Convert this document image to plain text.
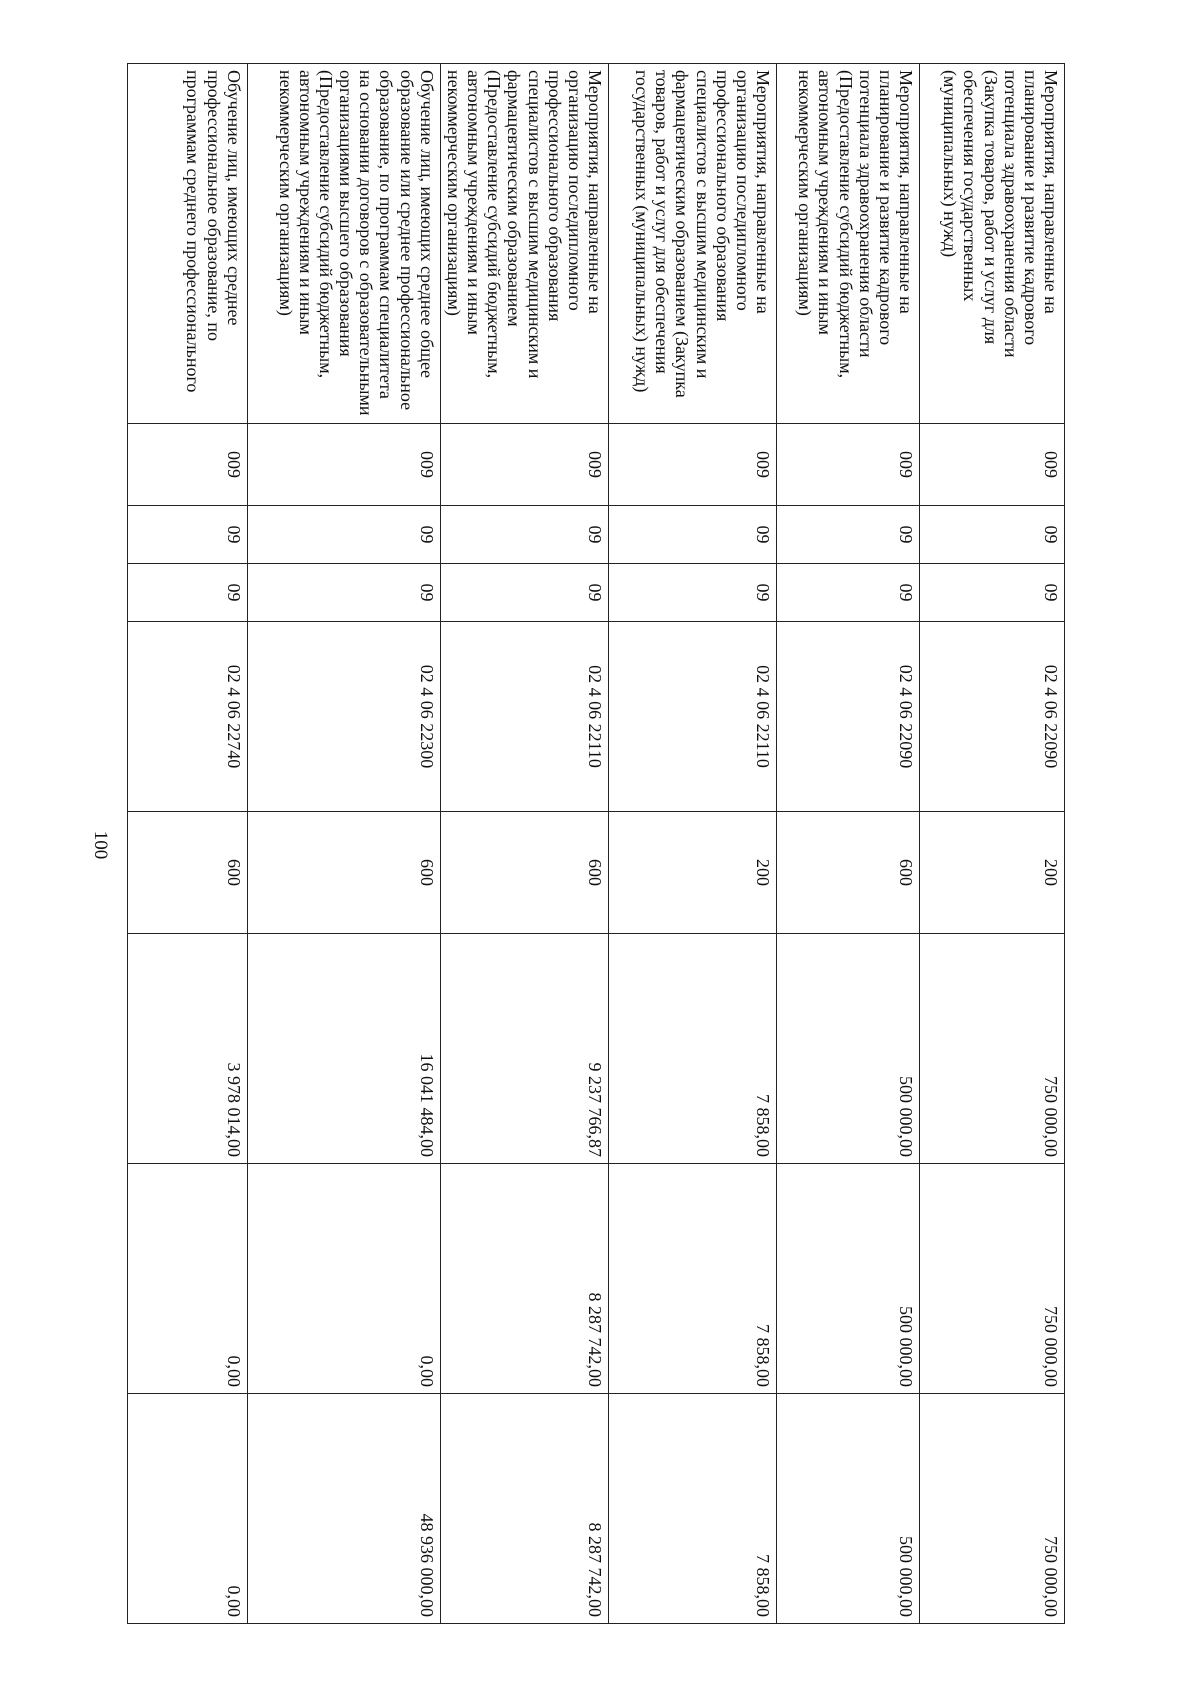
100
Мероприятия, направленные на планирование и развитие кадрового потенциала здравоохранения области (Закупка товаров, работ и услуг для обеспечения государственных (муниципальных) нужд)	009	09	09	02 4 06 22090	200	750 000,00	750 000,00	750 000,00
Мероприятия, направленные на планирование и развитие кадрового потенциала здравоохранения области (Предоставление субсидий бюджетным, автономным учреждениям и иным некоммерческим организациям)	009	09	09	02 4 06 22090	600	500 000,00	500 000,00	500 000,00
Мероприятия, направленные на организацию последипломного профессионального образования специалистов с высшим медицинским и фармацевтическим образованием (Закупка товаров, работ и услуг для обеспечения государственных (муниципальных) нужд)	009	09	09	02 4 06 22110	200	7 858,00	7 858,00	7 858,00
Мероприятия, направленные на организацию последипломного профессионального образования специалистов с высшим медицинским и фармацевтическим образованием (Предоставление субсидий бюджетным, автономным учреждениям и иным некоммерческим организациям)	009	09	09	02 4 06 22110	600	9 237 766,87	8 287 742,00	8 287 742,00
Обучение лиц, имеющих среднее общее образование или среднее профессиональное образование, по программам специалитета на основании договоров с образовательными организациями высшего образования (Предоставление субсидий бюджетным, автономным учреждениям и иным некоммерческим организациям)	009	09	09	02 4 06 22300	600	16 041 484,00	0,00	48 936 000,00
Обучение лиц, имеющих среднее профессиональное образование, по программам среднего профессионального	009	09	09	02 4 06 22740	600	3 978 014,00	0,00	0,00
